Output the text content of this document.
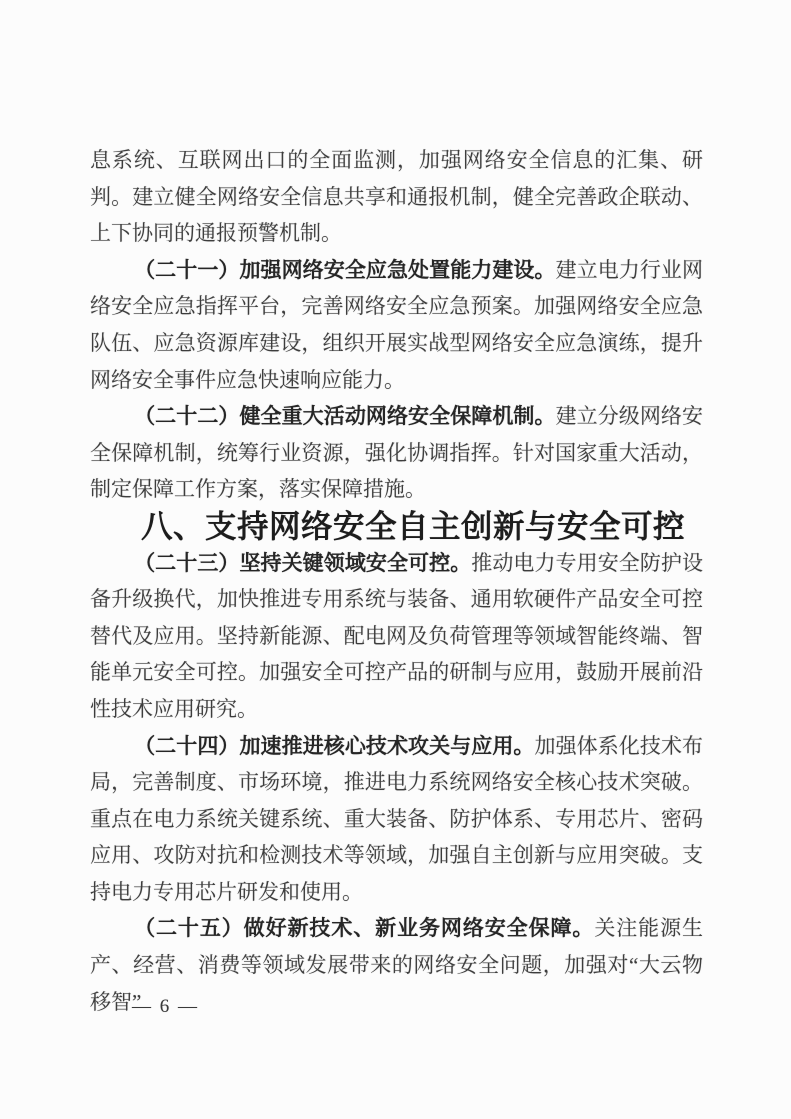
息系统、互联网出口的全面监测，加强网络安全信息的汇集、研判。建立健全网络安全信息共享和通报机制，健全完善政企联动、上下协同的通报预警机制。

（二十一）加强网络安全应急处置能力建设。建立电力行业网络安全应急指挥平台，完善网络安全应急预案。加强网络安全应急队伍、应急资源库建设，组织开展实战型网络安全应急演练，提升网络安全事件应急快速响应能力。

（二十二）健全重大活动网络安全保障机制。建立分级网络安全保障机制，统筹行业资源，强化协调指挥。针对国家重大活动，制定保障工作方案，落实保障措施。

八、支持网络安全自主创新与安全可控

（二十三）坚持关键领域安全可控。推动电力专用安全防护设备升级换代，加快推进专用系统与装备、通用软硬件产品安全可控替代及应用。坚持新能源、配电网及负荷管理等领域智能终端、智能单元安全可控。加强安全可控产品的研制与应用，鼓励开展前沿性技术应用研究。

（二十四）加速推进核心技术攻关与应用。加强体系化技术布局，完善制度、市场环境，推进电力系统网络安全核心技术突破。重点在电力系统关键系统、重大装备、防护体系、专用芯片、密码应用、攻防对抗和检测技术等领域，加强自主创新与应用突破。支持电力专用芯片研发和使用。

（二十五）做好新技术、新业务网络安全保障。关注能源生产、经营、消费等领域发展带来的网络安全问题，加强对“大云物移智”

— 6 —
